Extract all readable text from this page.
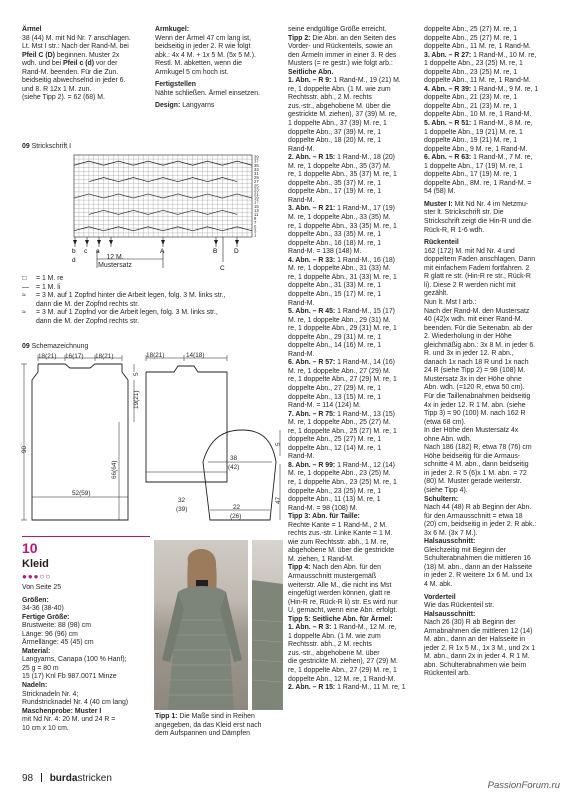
Ärmel

38 (44) M. mit Nd Nr. 7 anschlagen.

Lt. Mst I str.: Nach der Rand-M. bei

Pfeil C (D) beginnen. Muster 2x

wdh. und bei Pfeil c (d) vor der

Rand-M. beenden. Für die Zun.

beidseitig abwechselnd in jeder 6.

und 8. R 12x 1 M. zun.

(siehe Tipp 2). = 62 (68) M.

Armkugel:

Wenn der Ärmel 47 cm lang ist,

beidseitig in jeder 2. R wie folgt

abk.: 4x 4 M. + 1x 5 M. (5x 5 M.).

Restl. M. abketten, wenn die

Armkugel 5 cm hoch ist.

Fertigstellen

Nähte schließen. Ärmel einsetzen.

Design: Langyarns

09 Strickschrift I
39
37
35
33
31
29
27
25
23
21
19
17
15
13
11
9
7
5
3
1
b
d
c a	A	B	D
C
12 M.
Mustersatz
□	= 1 M. re
—	= 1 M. li
≈	= 3 M. auf 1 Zopfnd hinter die Arbeit legen, folg. 3 M. links str.,
dann die M. der Zopfnd rechts str.
≈	= 3 M. auf 1 Zopfnd vor die Arbeit legen, folg. 3 M. links str.,
dann die M. der Zopfnd rechts str.
09 Schemazeichnung
18(21) 16(17) 18(21)
90
5
19(21)
66(64)
52(59)
18(21)	14(18)
32
(39)
38
(42)
22
(26)
47
5
10
Kleid
●●●○○

Von Seite 25

Größen:

34-36 (38-40)

Fertige Größe:

Brustweite: 88 (98) cm

Länge: 96 (96) cm

Ärmellänge: 45 (45) cm

Material:

Langyarns, Canapa (100 % Hanf);

25 g = 80 m

15 (17) Knl Fb 987.0071 Minze

Nadeln:

Stricknadeln Nr. 4;

Rundstricknadel Nr. 4 (40 cm lang)

Maschenprobe: Muster I

mit Nd Nr. 4: 20 M. und 24 R =

10 cm x 10 cm.

Tipp 1: Die Maße sind in Reihen

angegeben, da das Kleid erst nach

dem Aufspannen und Dämpfen

seine endgültige Größe erreicht.

Tipp 2: Die Abn. an den Seiten des

Vorder- und Rückenteils, sowie an

den Ärmeln immer in einer 3. R des

Musters (= re gestr.) wie folgt arb.:

Seitliche Abn.

1. Abn. – R 9: 1 Rand-M., 19 (21) M.

re, 1 doppelte Abn. (1 M. wie zum

Rechtsstr. abh., 2 M. rechts

zus.-str., abgehobene M. über die

gestrickte M. ziehen), 37 (39) M. re,

1 doppelte Abn., 37 (39) M. re, 1

doppelte Abn., 37 (39) M. re, 1

doppelte Abn., 18 (20) M. re, 1

Rand-M.

2. Abn. – R 15: 1 Rand-M., 18 (20)

M. re, 1 doppelte Abn., 35 (37) M.

re, 1 doppelte Abn., 35 (37) M. re, 1

doppelte Abn., 35 (37) M. re, 1

doppelte Abn., 17 (19) M. re, 1

Rand-M.

3. Abn. – R 21: 1 Rand-M., 17 (19)

M. re, 1 doppelte Abn., 33 (35) M.

re, 1 doppelte Abn., 33 (35) M. re, 1

doppelte Abn., 33 (35) M. re, 1

doppelte Abn., 16 (18) M. re, 1

Rand-M. = 138 (148) M.

4. Abn. – R 33: 1 Rand-M., 16 (18)

M. re, 1 doppelte Abn., 31 (33) M.

re, 1 doppelte Abn., 31 (33) M. re, 1

doppelte Abn., 31 (33) M. re, 1

doppelte Abn., 15 (17) M. re, 1

Rand-M.

5. Abn. – R 45: 1 Rand-M., 15 (17)

M. re, 1 doppelte Abn., 29 (31) M.

re, 1 doppelte Abn., 29 (31) M. re, 1

doppelte Abn., 29 (31) M. re, 1

doppelte Abn., 14 (16) M. re, 1

Rand-M.

6. Abn. – R 57: 1 Rand-M., 14 (16)

M. re, 1 doppelte Abn., 27 (29) M.

re, 1 doppelte Abn., 27 (29) M. re, 1

doppelte Abn., 27 (29) M. re, 1

doppelte Abn., 13 (15) M. re, 1

Rand-M. = 114 (124) M.

7. Abn. – R 75: 1 Rand-M., 13 (15)

M. re, 1 doppelte Abn., 25 (27) M.

re, 1 doppelte Abn., 25 (27) M. re, 1

doppelte Abn., 25 (27) M. re, 1

doppelte Abn., 12 (14) M. re, 1

Rand-M.

8. Abn. – R 99: 1 Rand-M., 12 (14)

M. re, 1 doppelte Abn., 23 (25) M.

re, 1 doppelte Abn., 23 (25) M. re, 1

doppelte Abn., 23 (25) M. re, 1

doppelte Abn., 11 (13) M. re, 1

Rand-M. = 98 (108) M.

Tipp 3: Abn. für Taille:

Rechte Kante = 1 Rand-M., 2 M.

rechts zus.-str. Linke Kante = 1 M.

wie zum Rechtsstr. abh., 1 M. re,

abgehobene M. über die gestrickte

M. ziehen, 1 Rand-M.

Tipp 4: Nach den Abn. für den

Armausschnitt mustergemäß

weiterstr. Alle M., die nicht ins Mst

eingefügt werden können, glatt re

(Hin-R re, Rück-R li) str. Es wird nur

U, gemacht, wenn eine Abn. erfolgt.

Tipp 5: Seitliche Abn. für Ärmel:

1. Abn. – R 3: 1 Rand-M., 12 M. re,

1 doppelte Abn. (1 M. wie zum

Rechtsstr. abh., 2 M. rechts

zus.-str., abgehobene M. über

die gestrickte M. ziehen), 27 (29) M.

re, 1 doppelte Abn., 27 (29) M. re, 1

doppelte Abn., 12 M. re, 1 Rand-M.

2. Abn. – R 15: 1 Rand-M., 11 M. re, 1

doppelte Abn., 25 (27) M. re, 1

doppelte Abn., 25 (27) M. re, 1

doppelte Abn., 11 M. re, 1 Rand-M.

3. Abn. – R 27: 1 Rand-M., 10 M. re,

1 doppelte Abn., 23 (25) M. re, 1

doppelte Abn., 23 (25) M. re, 1

doppelte Abn., 11 M. re, 1 Rand-M.

4. Abn. – R 39: 1 Rand-M., 9 M. re, 1

doppelte Abn., 21 (23) M. re, 1

doppelte Abn., 21 (23) M. re, 1

doppelte Abn., 10 M. re, 1 Rand-M.

5. Abn. – R 51: 1 Rand-M., 8 M. re,

1 doppelte Abn., 19 (21) M. re, 1

doppelte Abn., 19 (21) M. re, 1

doppelte Abn., 9 M. re, 1 Rand-M.

6. Abn. – R 63: 1 Rand-M., 7 M. re,

1 doppelte Abn., 17 (19) M. re, 1

doppelte Abn., 17 (19) M. re, 1

doppelte Abn., 8M. re, 1 Rand-M. =

54 (58) M.

Muster I: Mit Nd Nr. 4 im Netzmu-

ster lt. Strickschrift str. Die

Strickschrift zeigt die Hin-R und die

Rück-R, R 1-6 wdh.

Rückenteil

162 (172) M. mit Nd Nr. 4 und

doppeltem Faden anschlagen. Dann

mit einfachem Fadem fortfahren. 2

R glatt re str. (Hin-R re str., Rück-R

li). Diese 2 R werden nicht mit

gezählt.

Nun lt. Mst I arb.:

Nach der Rand-M. den Mustersatz

40 (42)x wdh. mit einer Rand-M.

beenden. Für die Seitenabn. ab der

2. Wiederholung in der Höhe

gleichmäßig abn.: 3x 8 M. in jeder 6.

R. und 3x in jeder 12. R abn.,

danach 1x nach 18 R und 1x nach

24 R (siehe Tipp 2) = 98 (108) M.

Mustersatz 3x in der Höhe ohne

Abn. wdh. (=120 R, etwa 50 cm).

Für die Taillenabnahmen beidseitig

4x in jeder 12. R 1 M. abn. (siehe

Tipp 3) = 90 (100) M. nach 162 R

(etwa 68 cm).

In der Höhe den Mustersatz 4x

ohne Abn. wdh.

Nach 186 (182) R, etwa 78 (76) cm

Höhe beidseitig für die Armaus-

schnitte 4 M. abn., dann beidseitig

in jeder 2. R 5 (6)x 1 M. abn. = 72

(80) M. Muster gerade weiterstr.

(siehe Tipp 4).

Schultern:

Nach 44 (48) R ab Beginn der Abn.

für den Armausschnitt = etwa 18

(20) cm, beidseitig in jeder 2. R abk.:

3x 6 M. (3x 7 M.).

Halsausschnitt:

Gleichzeitig mit Beginn der

Schulterabnahmen die mittleren 16

(18) M. abn., dann an der Halsseite

in jeder 2. R weitere 1x 6 M. und 1x

4 M. abk.

Vorderteil

Wie das Rückenteil str.

Halsausschnitt:

Nach 26 (30) R ab Beginn der

Armabnahmen die mittleren 12 (14)

M. abn., dann an der Halsseite in

jeder 2. R 1x 5 M., 1x 3 M., und 2x 1

M. abn., dann 2x in jeder 4. R 1 M.

abn. Schulterabnahmen wie beim

Rückenteil arb.

98 burdastricken
PassionForum.ru
